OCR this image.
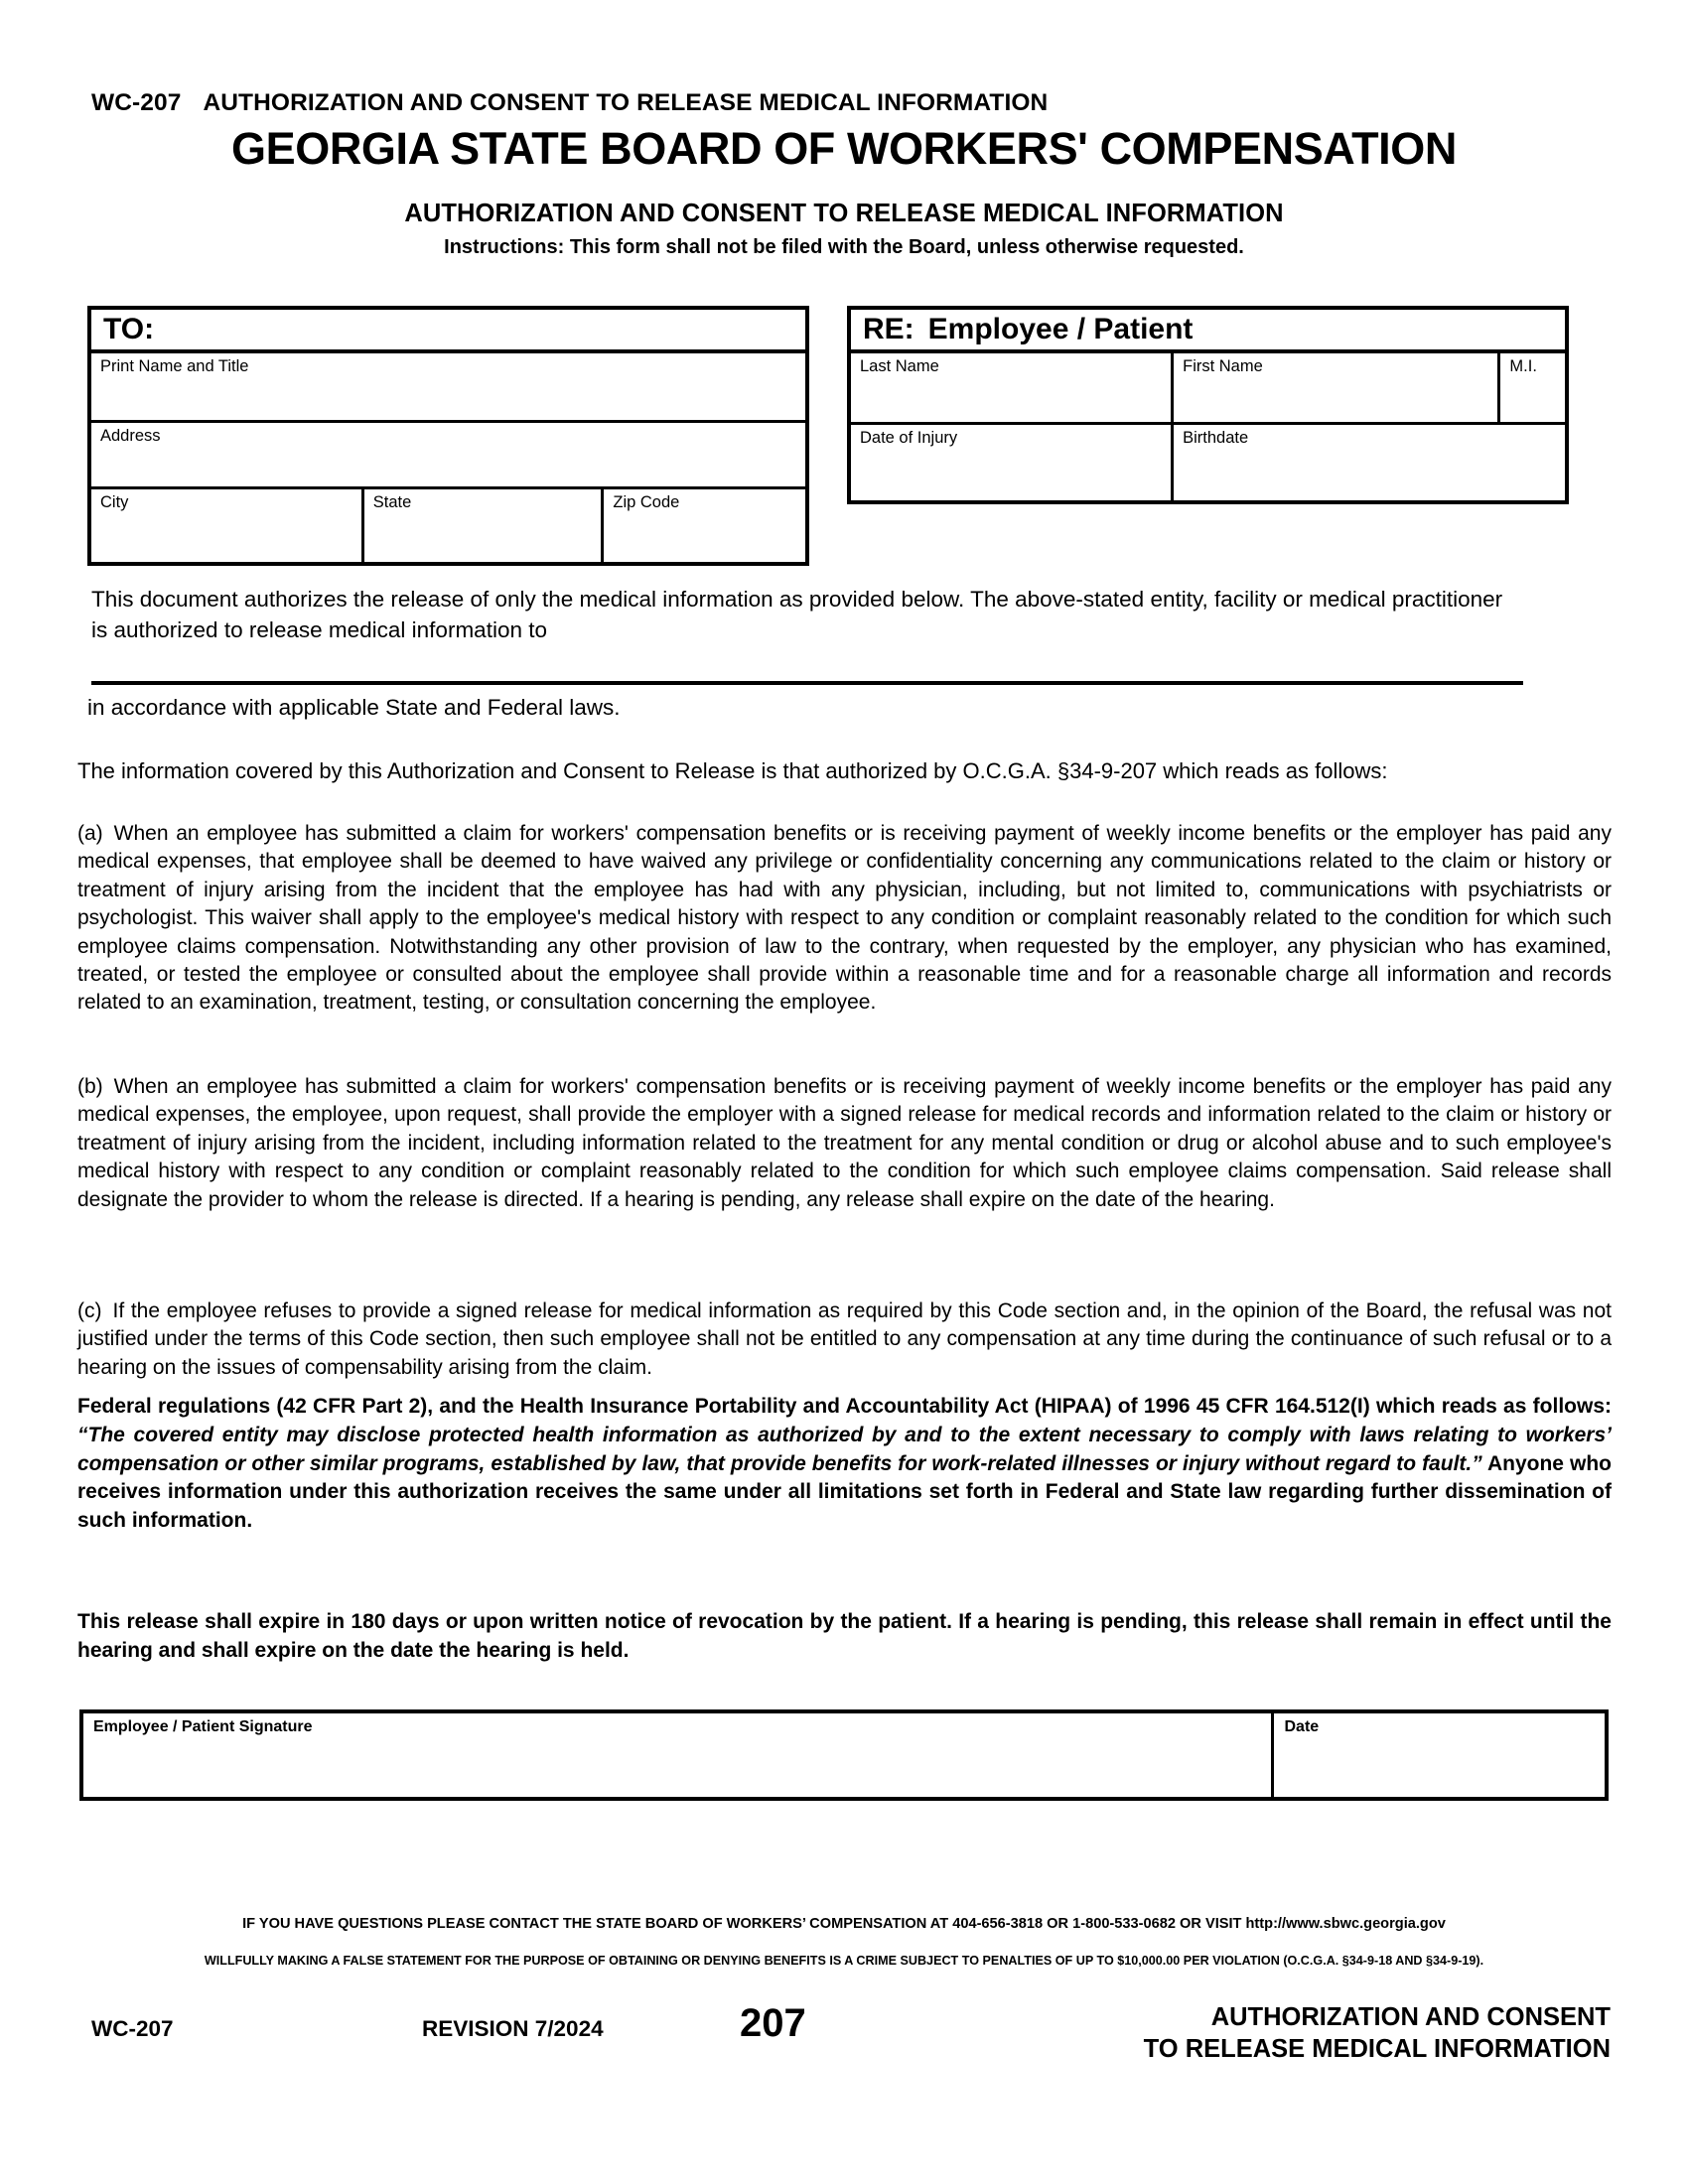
WC-207 AUTHORIZATION AND CONSENT TO RELEASE MEDICAL INFORMATION
GEORGIA STATE BOARD OF WORKERS' COMPENSATION
AUTHORIZATION AND CONSENT TO RELEASE MEDICAL INFORMATION
Instructions: This form shall not be filed with the Board, unless otherwise requested.
TO:
Print Name and Title
Address
City	State	Zip Code
RE: Employee / Patient
Last Name	First Name	M.I.
Date of Injury	Birthdate
This document authorizes the release of only the medical information as provided below. The above-stated entity, facility or medical practitioner is authorized to release medical information to
in accordance with applicable State and Federal laws.
The information covered by this Authorization and Consent to Release is that authorized by O.C.G.A. §34-9-207 which reads as follows:
(a) When an employee has submitted a claim for workers' compensation benefits or is receiving payment of weekly income benefits or the employer has paid any medical expenses, that employee shall be deemed to have waived any privilege or confidentiality concerning any communications related to the claim or history or treatment of injury arising from the incident that the employee has had with any physician, including, but not limited to, communications with psychiatrists or psychologist. This waiver shall apply to the employee's medical history with respect to any condition or complaint reasonably related to the condition for which such employee claims compensation. Notwithstanding any other provision of law to the contrary, when requested by the employer, any physician who has examined, treated, or tested the employee or consulted about the employee shall provide within a reasonable time and for a reasonable charge all information and records related to an examination, treatment, testing, or consultation concerning the employee.
(b) When an employee has submitted a claim for workers' compensation benefits or is receiving payment of weekly income benefits or the employer has paid any medical expenses, the employee, upon request, shall provide the employer with a signed release for medical records and information related to the claim or history or treatment of injury arising from the incident, including information related to the treatment for any mental condition or drug or alcohol abuse and to such employee's medical history with respect to any condition or complaint reasonably related to the condition for which such employee claims compensation. Said release shall designate the provider to whom the release is directed. If a hearing is pending, any release shall expire on the date of the hearing.
(c) If the employee refuses to provide a signed release for medical information as required by this Code section and, in the opinion of the Board, the refusal was not justified under the terms of this Code section, then such employee shall not be entitled to any compensation at any time during the continuance of such refusal or to a hearing on the issues of compensability arising from the claim.
Federal regulations (42 CFR Part 2), and the Health Insurance Portability and Accountability Act (HIPAA) of 1996 45 CFR 164.512(I) which reads as follows: “The covered entity may disclose protected health information as authorized by and to the extent necessary to comply with laws relating to workers’ compensation or other similar programs, established by law, that provide benefits for work-related illnesses or injury without regard to fault.” Anyone who receives information under this authorization receives the same under all limitations set forth in Federal and State law regarding further dissemination of such information.
This release shall expire in 180 days or upon written notice of revocation by the patient. If a hearing is pending, this release shall remain in effect until the hearing and shall expire on the date the hearing is held.
Employee / Patient Signature	Date
IF YOU HAVE QUESTIONS PLEASE CONTACT THE STATE BOARD OF WORKERS’ COMPENSATION AT 404-656-3818 OR 1-800-533-0682 OR VISIT http://www.sbwc.georgia.gov
WILLFULLY MAKING A FALSE STATEMENT FOR THE PURPOSE OF OBTAINING OR DENYING BENEFITS IS A CRIME SUBJECT TO PENALTIES OF UP TO $10,000.00 PER VIOLATION (O.C.G.A. §34-9-18 AND §34-9-19).
WC-207	REVISION 7/2024	207	AUTHORIZATION AND CONSENT
TO RELEASE MEDICAL INFORMATION
